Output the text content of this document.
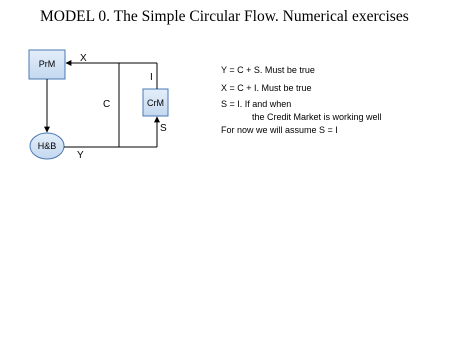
MODEL 0. The Simple Circular Flow. Numerical exercises
PrM
CrM
H&B
X
I
C
S
Y
Y = C + S. Must be true
X = C + I. Must be true
S = I. If and when
the Credit Market is working well
For now we will assume S = I
